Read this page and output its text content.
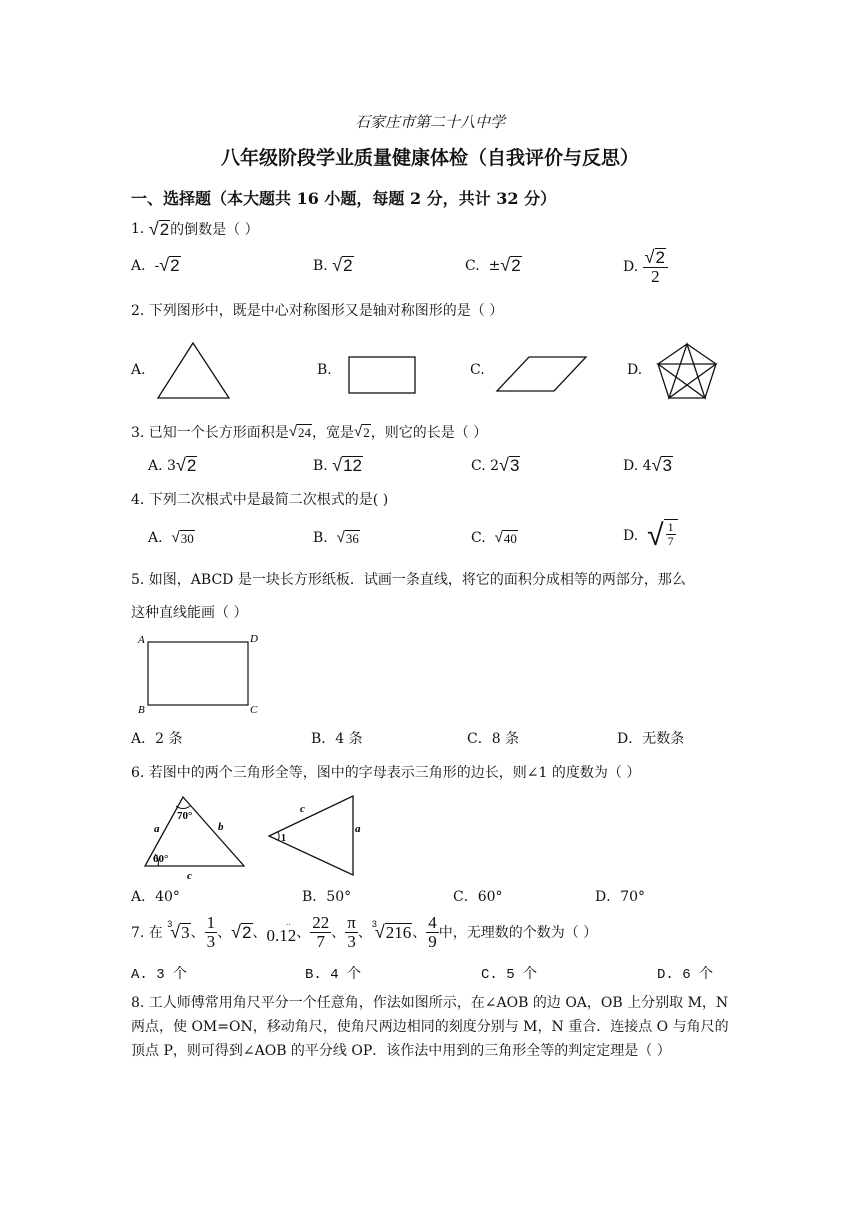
石家庄市第二十八中学
八年级阶段学业质量健康体检（自我评价与反思）
一、选择题（本大题共 16 小题，每题 2 分，共计 32 分）
1.
√ 2 的倒数是（ ）
A.
- √ 2	B.
√ 2	C.
± √ 2	D.
$\frac{√ 2}{2}$
2. 下列图形中，既是中心对称图形又是轴对称图形的是（ ）
A.	B.	C.	D.
3. 已知一个长方形面积是 √ 24 ，宽是 √ 2 ，则它的长是（ ）
A.
3 √ 2	B.
√ 12	C.
2 √ 3	D.
4 √ 3
4. 下列二次根式中是最简二次根式的是( )
A.
√ 30	B.
√ 36	C.
√ 40	D.
√ $\frac{1}{7}$
5. 如图，ABCD 是一块长方形纸板．试画一条直线，将它的面积分成相等的两部分，那么
这种直线能画（ ）
A	D
B	C
A．2 条	B．4 条	C．8 条	D．无数条
6. 若图中的两个三角形全等，图中的字母表示三角形的边长，则∠1 的度数为（ ）
70°
60°
a	b
c
1
c
a
A．40°	B．50°	C．60°	D．70°
7. 在

3
√ 3 、 $\frac{1}{3}$ 、 √ 2 、
..
0.12 、 $\frac{22}{7}$ 、 $\frac{\pi}{3}$ 、
3
√ 216 、 $\frac{4}{9}$ 中，无理数的个数为（ ）
A. 3 个	B. 4 个	C. 5 个	D. 6 个
8. 工人师傅常用角尺平分一个任意角，作法如图所示，在∠AOB 的边 OA，OB 上分别取 M，N
两点，使 OM=ON，移动角尺，使角尺两边相同的刻度分别与 M，N 重合．连接点 O 与角尺的
顶点 P，则可得到∠AOB 的平分线 OP．该作法中用到的三角形全等的判定定理是（ ）
